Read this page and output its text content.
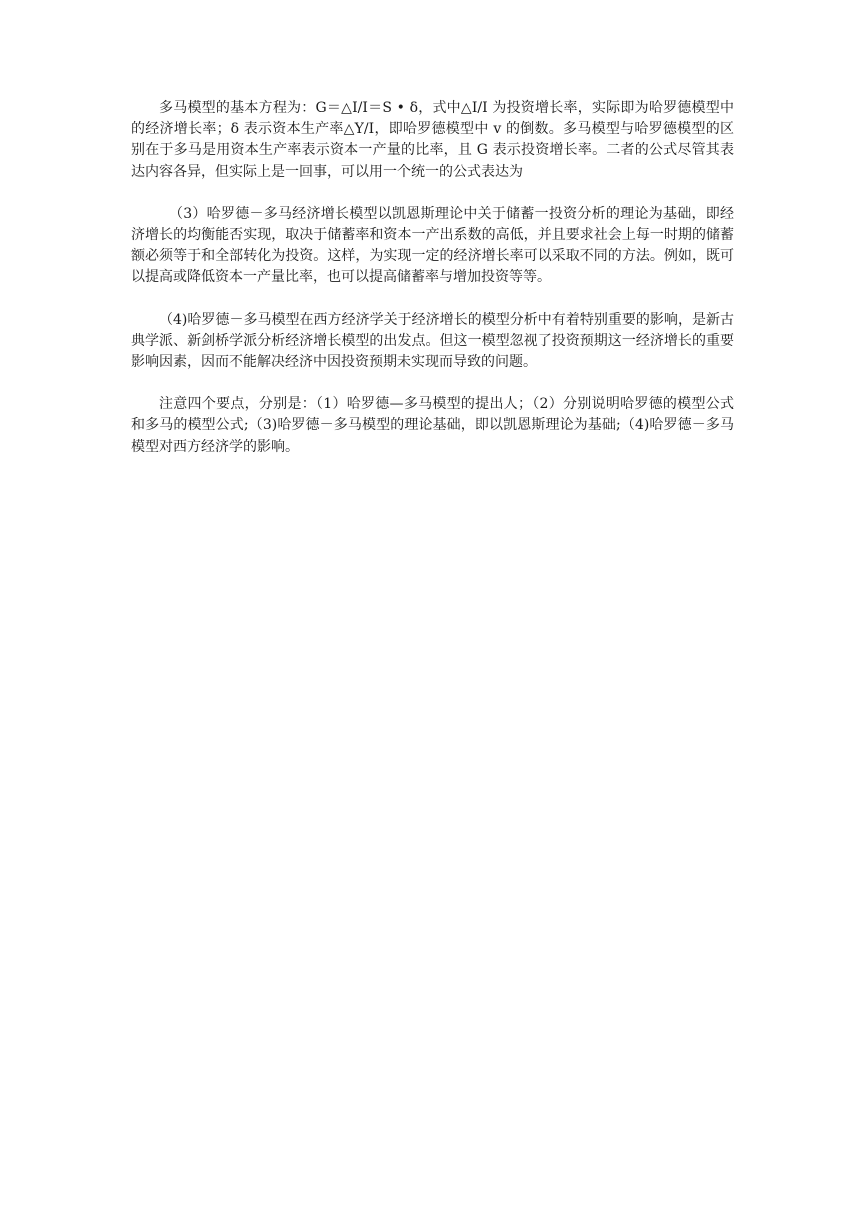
多马模型的基本方程为：G＝△I/I＝S • δ，式中△I/I 为投资增长率，实际即为哈罗德模型中的经济增长率；δ 表示资本生产率△Y/I，即哈罗德模型中 v 的倒数。多马模型与哈罗德模型的区别在于多马是用资本生产率表示资本一产量的比率，且 G 表示投资增长率。二者的公式尽管其表达内容各异，但实际上是一回事，可以用一个统一的公式表达为

（3）哈罗德－多马经济增长模型以凯恩斯理论中关于储蓄一投资分析的理论为基础，即经济增长的均衡能否实现，取决于储蓄率和资本一产出系数的高低，并且要求社会上每一时期的储蓄额必须等于和全部转化为投资。这样，为实现一定的经济增长率可以采取不同的方法。例如，既可以提高或降低资本一产量比率，也可以提高储蓄率与增加投资等等。

（4)哈罗德－多马模型在西方经济学关于经济增长的模型分析中有着特别重要的影响，是新古典学派、新剑桥学派分析经济增长模型的出发点。但这一模型忽视了投资预期这一经济增长的重要影响因素，因而不能解决经济中因投资预期未实现而导致的问题。

注意四个要点，分别是：（1）哈罗德—多马模型的提出人；（2）分别说明哈罗德的模型公式和多马的模型公式;（3)哈罗德－多马模型的理论基础，即以凯恩斯理论为基础;（4)哈罗德－多马模型对西方经济学的影响。
